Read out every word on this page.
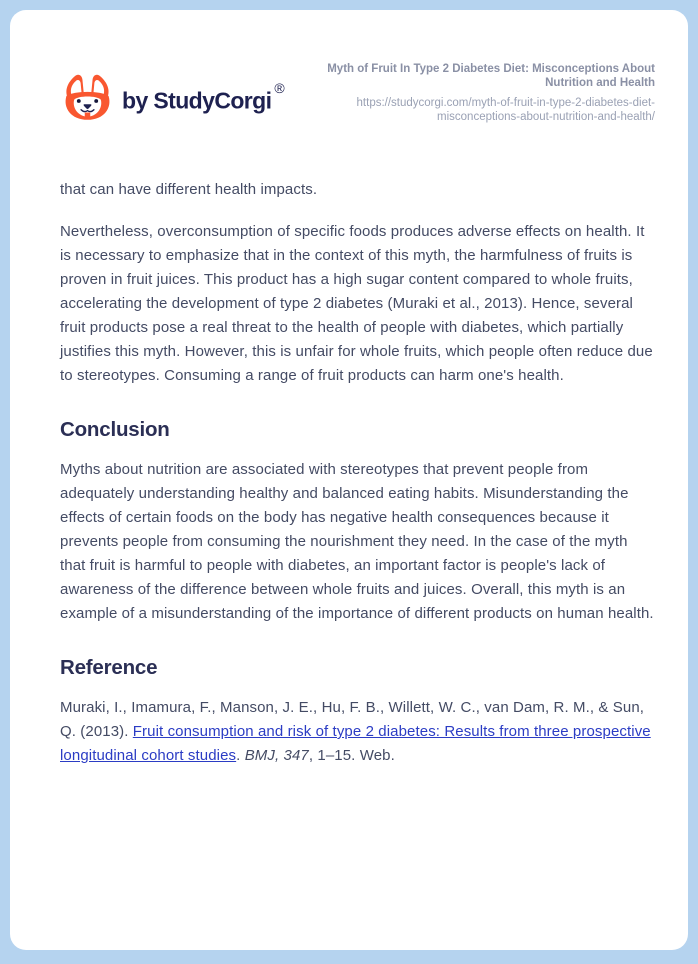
by StudyCorgi ®
Myth of Fruit In Type 2 Diabetes Diet: Misconceptions About Nutrition and Health
https://studycorgi.com/myth-of-fruit-in-type-2-diabetes-diet-misconceptions-about-nutrition-and-health/

that can have different health impacts.

Nevertheless, overconsumption of specific foods produces adverse effects on health. It is necessary to emphasize that in the context of this myth, the harmfulness of fruits is proven in fruit juices. This product has a high sugar content compared to whole fruits, accelerating the development of type 2 diabetes (Muraki et al., 2013). Hence, several fruit products pose a real threat to the health of people with diabetes, which partially justifies this myth. However, this is unfair for whole fruits, which people often reduce due to stereotypes. Consuming a range of fruit products can harm one's health.

Conclusion

Myths about nutrition are associated with stereotypes that prevent people from adequately understanding healthy and balanced eating habits. Misunderstanding the effects of certain foods on the body has negative health consequences because it prevents people from consuming the nourishment they need. In the case of the myth that fruit is harmful to people with diabetes, an important factor is people's lack of awareness of the difference between whole fruits and juices. Overall, this myth is an example of a misunderstanding of the importance of different products on human health.

Reference

Muraki, I., Imamura, F., Manson, J. E., Hu, F. B., Willett, W. C., van Dam, R. M., & Sun, Q. (2013). Fruit consumption and risk of type 2 diabetes: Results from three prospective longitudinal cohort studies. BMJ, 347, 1–15. Web.
